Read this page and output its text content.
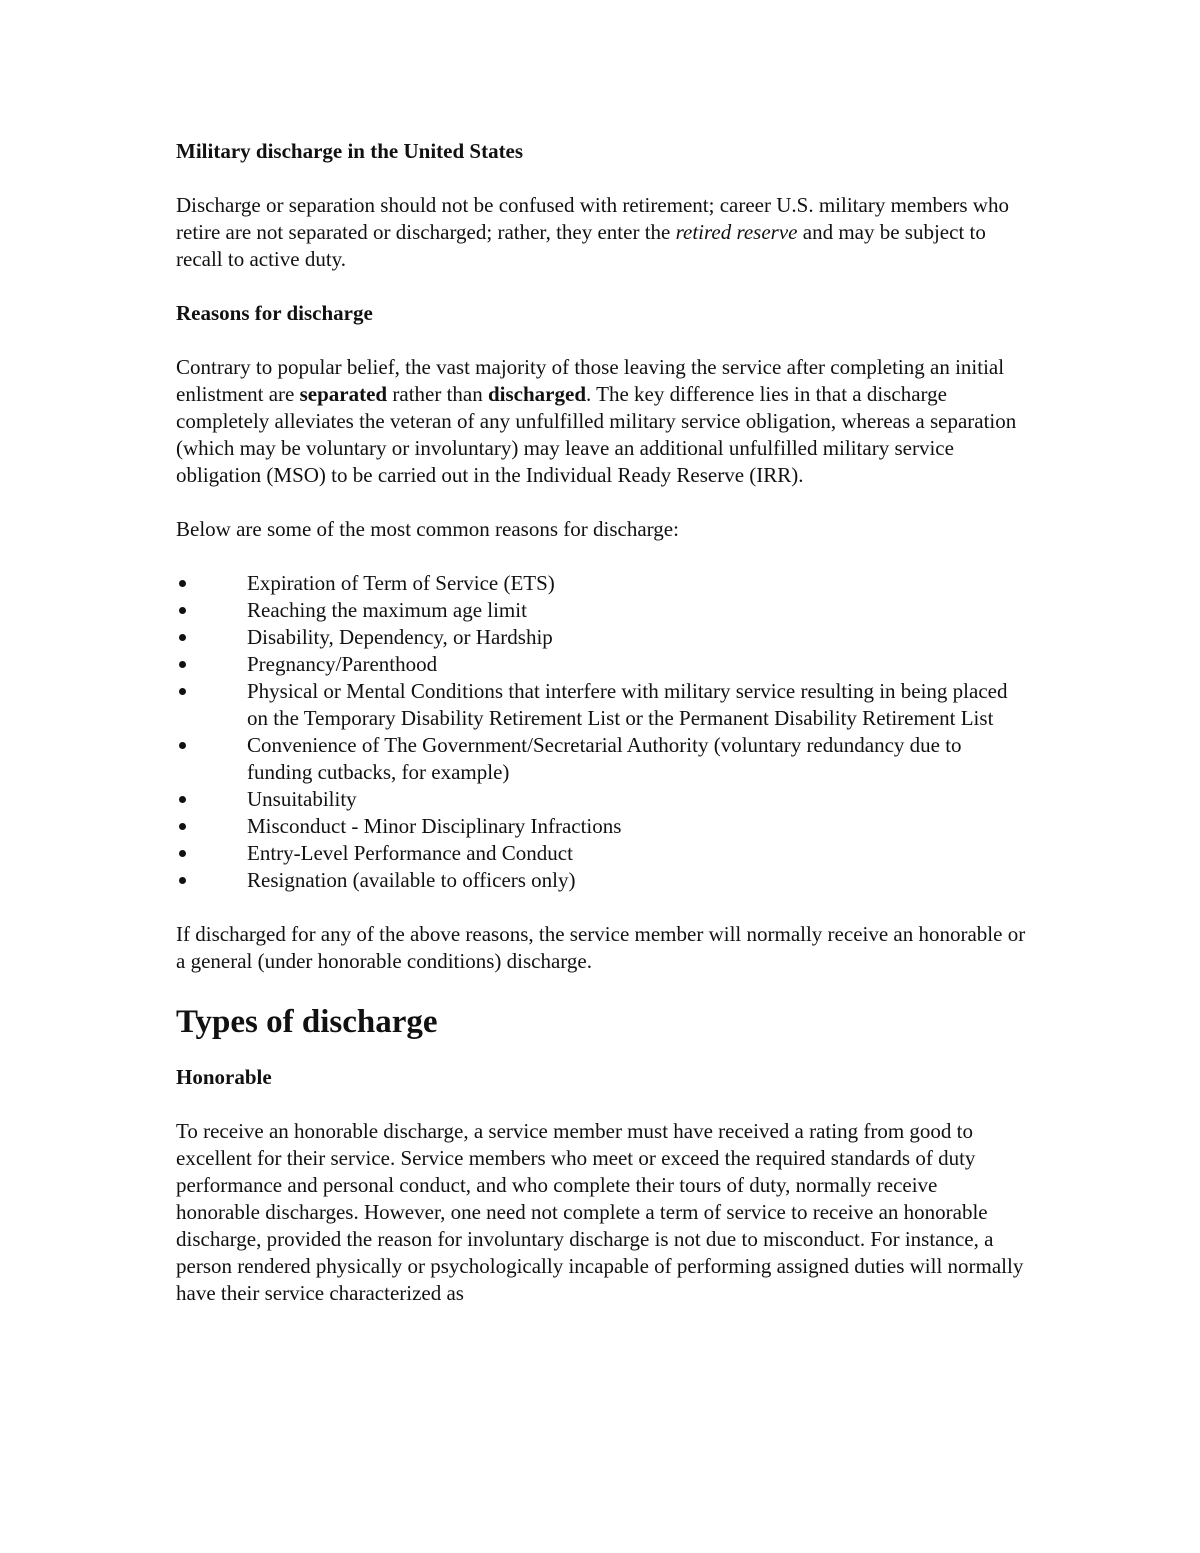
Military discharge in the United States

Discharge or separation should not be confused with retirement; career U.S. military members who retire are not separated or discharged; rather, they enter the retired reserve and may be subject to recall to active duty.

Reasons for discharge

Contrary to popular belief, the vast majority of those leaving the service after completing an initial enlistment are separated rather than discharged. The key difference lies in that a discharge completely alleviates the veteran of any unfulfilled military service obligation, whereas a separation (which may be voluntary or involuntary) may leave an additional unfulfilled military service obligation (MSO) to be carried out in the Individual Ready Reserve (IRR).

Below are some of the most common reasons for discharge:

Expiration of Term of Service (ETS)
Reaching the maximum age limit
Disability, Dependency, or Hardship
Pregnancy/Parenthood
Physical or Mental Conditions that interfere with military service resulting in being placed on the Temporary Disability Retirement List or the Permanent Disability Retirement List
Convenience of The Government/Secretarial Authority (voluntary redundancy due to funding cutbacks, for example)
Unsuitability
Misconduct - Minor Disciplinary Infractions
Entry-Level Performance and Conduct
Resignation (available to officers only)

If discharged for any of the above reasons, the service member will normally receive an honorable or a general (under honorable conditions) discharge.

Types of discharge
Honorable

To receive an honorable discharge, a service member must have received a rating from good to excellent for their service. Service members who meet or exceed the required standards of duty performance and personal conduct, and who complete their tours of duty, normally receive honorable discharges. However, one need not complete a term of service to receive an honorable discharge, provided the reason for involuntary discharge is not due to misconduct. For instance, a person rendered physically or psychologically incapable of performing assigned duties will normally have their service characterized as
